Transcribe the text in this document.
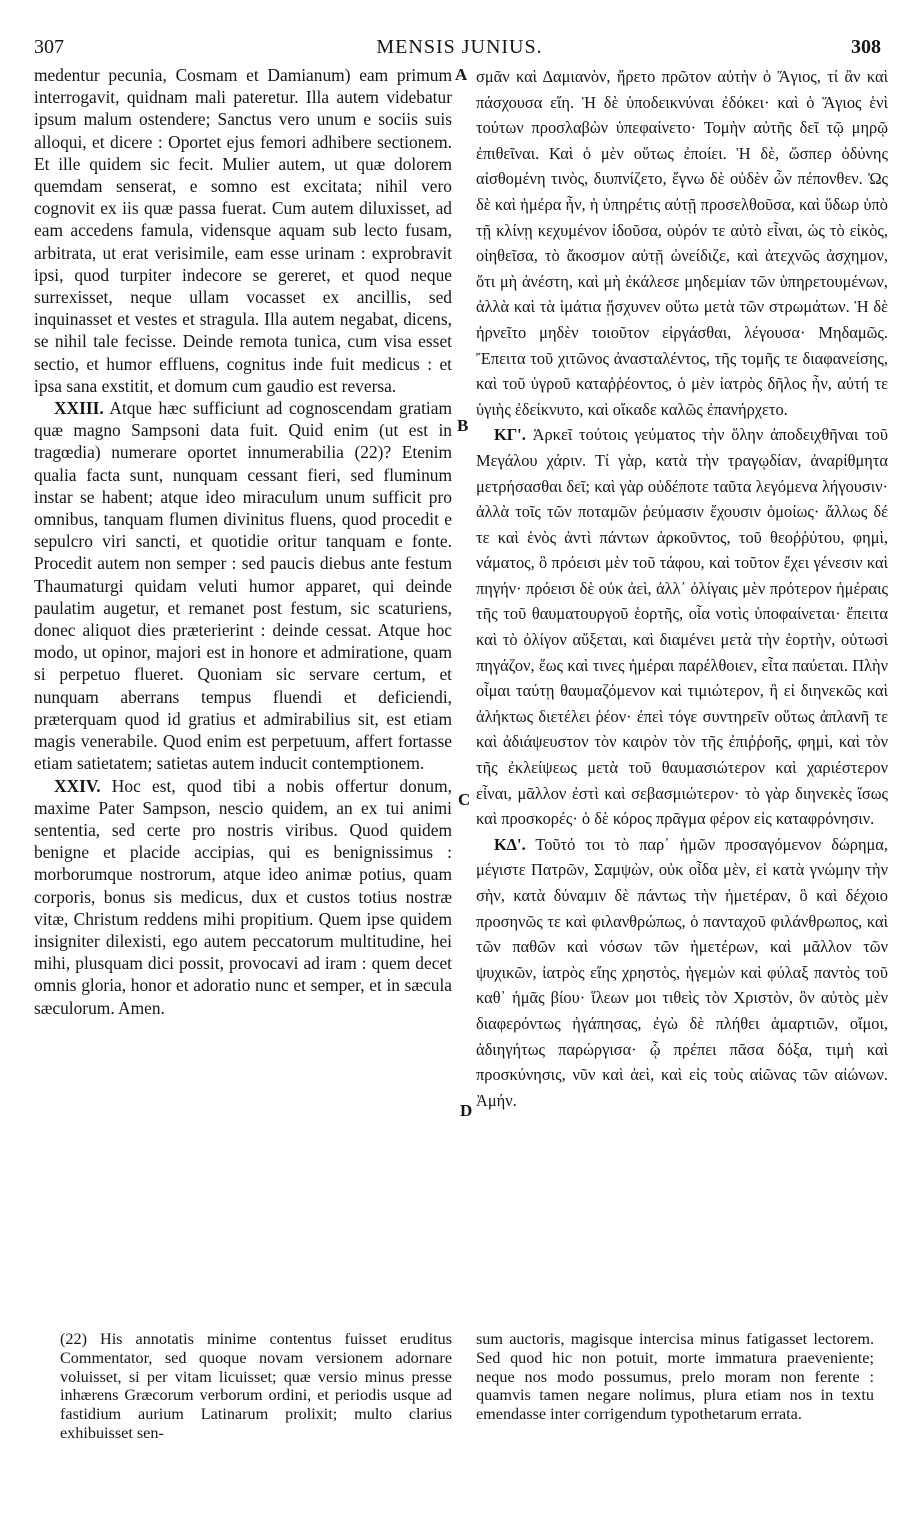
307	MENSIS JUNIUS.	308

medentur pecunia, Cosmam et Damianum) eam primum interrogavit, quidnam mali pateretur. Illa autem videbatur ipsum malum ostendere; Sanctus vero unum e sociis suis alloqui, et dicere : Oportet ejus femori adhibere sectionem. Et ille quidem sic fecit. Mulier autem, ut quæ dolorem quemdam senserat, e somno est excitata; nihil vero cognovit ex iis quæ passa fuerat. Cum autem diluxisset, ad eam accedens famula, vidensque aquam sub lecto fusam, arbitrata, ut erat verisimile, eam esse urinam : exprobravit ipsi, quod turpiter indecore se gereret, et quod neque surrexisset, neque ullam vocasset ex ancillis, sed inquinasset et vestes et stragula. Illa autem negabat, dicens, se nihil tale fecisse. Deinde remota tunica, cum visa esset sectio, et humor effluens, cognitus inde fuit medicus : et ipsa sana exstitit, et domum cum gaudio est reversa.

XXIII. Atque hæc sufficiunt ad cognoscendam gratiam quæ magno Sampsoni data fuit. Quid enim (ut est in tragœdia) numerare oportet innumerabilia (22)? Etenim qualia facta sunt, nunquam cessant fieri, sed fluminum instar se habent; atque ideo miraculum unum sufficit pro omnibus, tanquam flumen divinitus fluens, quod procedit e sepulcro viri sancti, et quotidie oritur tanquam e fonte. Procedit autem non semper : sed paucis diebus ante festum Thaumaturgi quidam veluti humor apparet, qui deinde paulatim augetur, et remanet post festum, sic scaturiens, donec aliquot dies præterierint : deinde cessat. Atque hoc modo, ut opinor, majori est in honore et admiratione, quam si perpetuo flueret. Quoniam sic servare certum, et nunquam aberrans tempus fluendi et deficiendi, præterquam quod id gratius et admirabilius sit, est etiam magis venerabile. Quod enim est perpetuum, affert fortasse etiam satietatem; satietas autem inducit contemptionem.

XXIV. Hoc est, quod tibi a nobis offertur donum, maxime Pater Sampson, nescio quidem, an ex tui animi sententia, sed certe pro nostris viribus. Quod quidem benigne et placide accipias, qui es benignissimus : morborumque nostrorum, atque ideo animæ potius, quam corporis, bonus sis medicus, dux et custos totius nostræ vitæ, Christum reddens mihi propitium. Quem ipse quidem insigniter dilexisti, ego autem peccatorum multitudine, hei mihi, plusquam dici possit, provocavi ad iram : quem decet omnis gloria, honor et adoratio nunc et semper, et in sæcula sæculorum. Amen.

A
B
C
D

σμᾶν καὶ Δαμιανὸν, ἤρετο πρῶτον αὐτὴν ὁ Ἅγιος, τί ἂν καὶ πάσχουσα εἴη. Ἡ δὲ ὑποδεικνύναι ἐδόκει· καὶ ὁ Ἅγιος ἑνὶ τούτων προσλαβὼν ὑπεφαίνετο· Τομὴν αὐτῆς δεῖ τῷ μηρῷ ἐπιθεῖναι. Καὶ ὁ μὲν οὕτως ἐποίει. Ἡ δὲ, ὥσπερ ὀδύνης αἰσθομένη τινὸς, διυπνίζετο, ἔγνω δὲ οὐδὲν ὧν πέπονθεν. Ὡς δὲ καὶ ἡμέρα ἦν, ἡ ὑπηρέτις αὐτῇ προσελθοῦσα, καὶ ὕδωρ ὑπὸ τῇ κλίνῃ κεχυμένον ἰδοῦσα, οὐρόν τε αὐτὸ εἶναι, ὡς τὸ εἰκὸς, οἰηθεῖσα, τὸ ἄκοσμον αὐτῇ ὠνείδιζε, καὶ ἀτεχνῶς ἀσχημον, ὅτι μὴ ἀνέστη, καὶ μὴ ἐκάλεσε μηδεμίαν τῶν ὑπηρετουμένων, ἀλλὰ καὶ τὰ ἱμάτια ᾔσχυνεν οὕτω μετὰ τῶν στρωμάτων. Ἡ δὲ ἠρνεῖτο μηδὲν τοιοῦτον εἰργάσθαι, λέγουσα· Μηδαμῶς. Ἔπειτα τοῦ χιτῶνος ἀνασταλέντος, τῆς τομῆς τε διαφανείσης, καὶ τοῦ ὑγροῦ καταῤῥέοντος, ὁ μὲν ἰατρὸς δῆλος ἦν, αὐτή τε ὑγιὴς ἐδείκνυτο, καὶ οἴκαδε καλῶς ἐπανήρχετο.

ΚΓ'. Ἀρκεῖ τούτοις γεύματος τὴν ὅλην ἀποδειχθῆναι τοῦ Μεγάλου χάριν. Τί γὰρ, κατὰ τὴν τραγῳδίαν, ἀναρίθμητα μετρήσασθαι δεῖ; καὶ γὰρ οὐδέποτε ταῦτα λεγόμενα λήγουσιν· ἀλλὰ τοῖς τῶν ποταμῶν ῥεύμασιν ἔχουσιν ὁμοίως· ἄλλως δέ τε καὶ ἑνὸς ἀντὶ πάντων ἀρκοῦντος, τοῦ θεοῤῥύτου, φημὶ, νάματος, ὃ πρόεισι μὲν τοῦ τάφου, καὶ τοῦτον ἔχει γένεσιν καὶ πηγήν· πρόεισι δὲ οὐκ ἀεὶ, ἀλλ᾽ ὀλίγαις μὲν πρότερον ἡμέραις τῆς τοῦ θαυματουργοῦ ἑορτῆς, οἷα νοτὶς ὑποφαίνεται· ἔπειτα καὶ τὸ ὀλίγον αὔξεται, καὶ διαμένει μετὰ τὴν ἑορτὴν, οὑτωσὶ πηγάζον, ἕως καὶ τινες ἡμέραι παρέλθοιεν, εἶτα παύεται. Πλὴν οἶμαι ταύτῃ θαυμαζόμενον καὶ τιμιώτερον, ἢ εἰ διηνεκῶς καὶ ἀλήκτως διετέλει ῥέον· ἐπεὶ τόγε συντηρεῖν οὕτως ἀπλανῆ τε καὶ ἀδιάψευστον τὸν καιρὸν τὸν τῆς ἐπιῤῥοῆς, φημὶ, καὶ τὸν τῆς ἐκλείψεως μετὰ τοῦ θαυμασιώτερον καὶ χαριέστερον εἶναι, μᾶλλον ἐστὶ καὶ σεβασμιώτερον· τὸ γὰρ διηνεκὲς ἴσως καὶ προσκορές· ὁ δὲ κόρος πρᾶγμα φέρον εἰς καταφρόνησιν.

ΚΔ'. Τοῦτό τοι τὸ παρ᾽ ἡμῶν προσαγόμενον δώρημα, μέγιστε Πατρῶν, Σαμψὼν, οὐκ οἶδα μὲν, εἰ κατὰ γνώμην τὴν σὴν, κατὰ δύναμιν δὲ πάντως τὴν ἡμετέραν, ὃ καὶ δέχοιο προσηνῶς τε καὶ φιλανθρώπως, ὁ πανταχοῦ φιλάνθρωπος, καὶ τῶν παθῶν καὶ νόσων τῶν ἡμετέρων, καὶ μᾶλλον τῶν ψυχικῶν, ἰατρὸς εἴης χρηστὸς, ἡγεμὼν καὶ φύλαξ παντὸς τοῦ καθ᾽ ἡμᾶς βίου· ἵλεων μοι τιθεὶς τὸν Χριστὸν, ὃν αὐτὸς μὲν διαφερόντως ἠγάπησας, ἐγὼ δὲ πλήθει ἁμαρτιῶν, οἴμοι, ἀδιηγήτως παρώργισα· ᾧ πρέπει πᾶσα δόξα, τιμὴ καὶ προσκύνησις, νῦν καὶ ἀεὶ, καὶ εἰς τοὺς αἰῶνας τῶν αἰώνων. Ἀμήν.

(22) His annotatis minime contentus fuisset eruditus Commentator, sed quoque novam versionem adornare voluisset, si per vitam licuisset; quæ versio minus presse inhærens Græcorum verborum ordini, et periodis usque ad fastidium aurium Latinarum prolixit; multo clarius exhibuisset sen-

sum auctoris, magisque intercisa minus fatigasset lectorem. Sed quod hic non potuit, morte immatura praeveniente; neque nos modo possumus, prelo moram non ferente : quamvis tamen negare nolimus, plura etiam nos in textu emendasse inter corrigendum typothetarum errata.
